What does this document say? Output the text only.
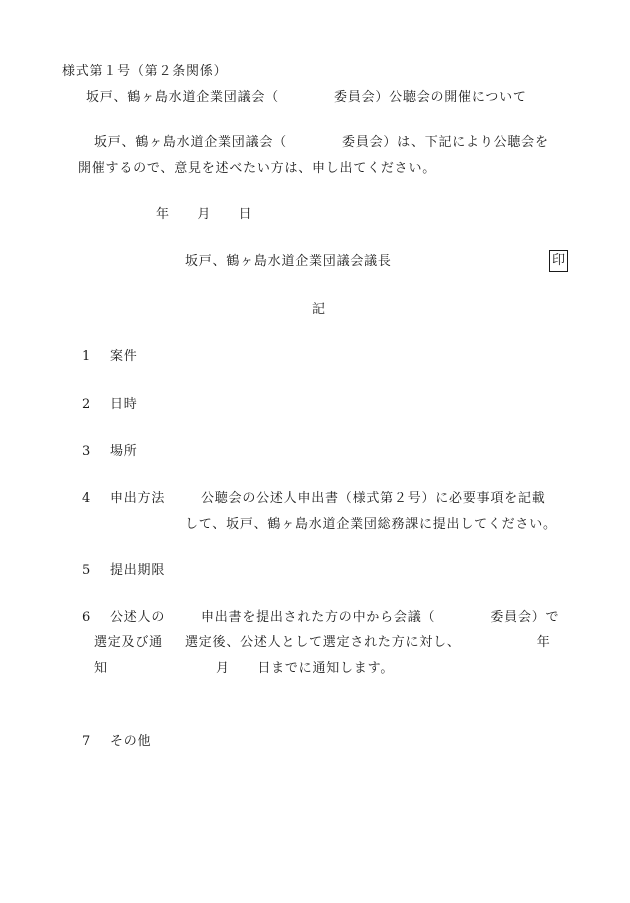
様式第１号（第２条関係）
坂戸、鶴ヶ島水道企業団議会（　　　　委員会）公聴会の開催について
坂戸、鶴ヶ島水道企業団議会（　　　　委員会）は、下記により公聴会を
開催するので、意見を述べたい方は、申し出てください。
年　　月　　日
坂戸、鶴ヶ島水道企業団議会議長	印
記
1 案件
2 日時
3 場所
4 申出方法	公聴会の公述人申出書（様式第２号）に必要事項を記載
して、坂戸、鶴ヶ島水道企業団総務課に提出してください。
5 提出期限
6 公述人の
選定及び通
知
申出書を提出された方の中から会議（　　　　委員会）で
選定後、公述人として選定された方に対し、　　　　　　年
月　　日までに通知します。
7 その他
